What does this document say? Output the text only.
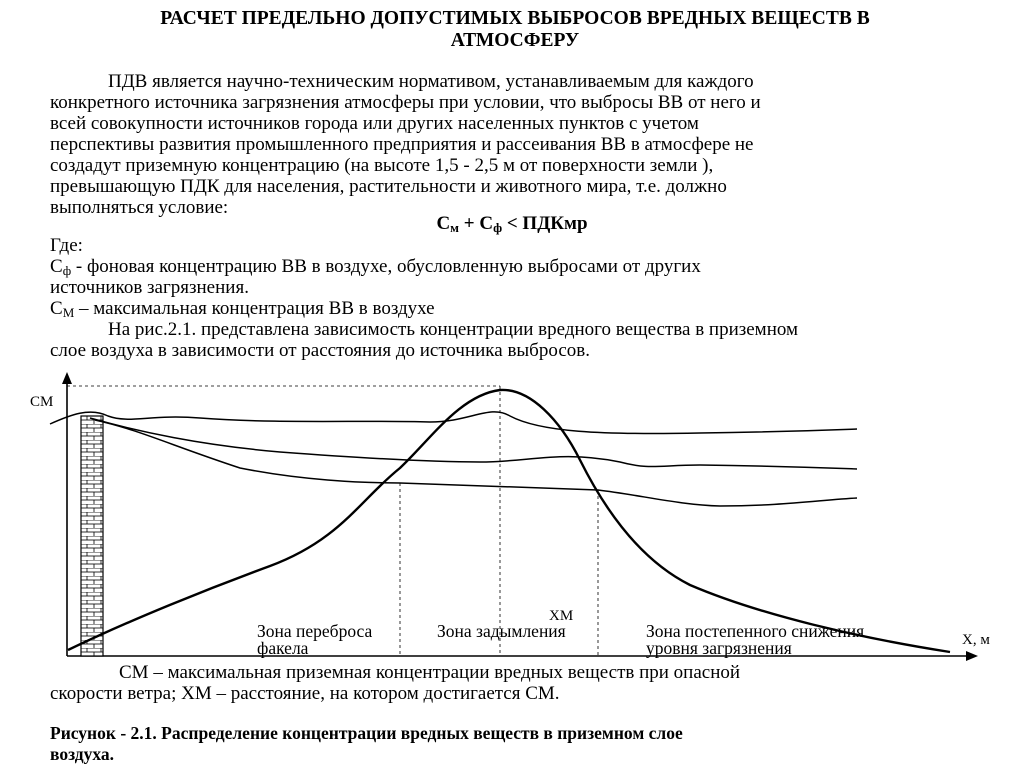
РАСЧЕТ ПРЕДЕЛЬНО ДОПУСТИМЫХ ВЫБРОСОВ ВРЕДНЫХ ВЕЩЕСТВ В
АТМОСФЕРУ
ПДВ является научно-техническим нормативом, устанавливаемым для каждого
конкретного источника загрязнения атмосферы при условии, что выбросы ВВ от него и
всей совокупности источников города или других населенных пунктов с учетом
перспективы развития промышленного предприятия и рассеивания ВВ в атмосфере не
создадут приземную концентрацию (на высоте 1,5 - 2,5 м от поверхности земли ),
превышающую ПДК для населения, растительности и животного мира, т.е. должно
выполняться условие:
См + Сф < ПДКмр
Где:
Сф - фоновая концентрацию ВВ в воздухе, обусловленную выбросами от других
источников загрязнения.
СМ – максимальная концентрация ВВ в воздухе
На рис.2.1. представлена зависимость концентрации вредного вещества в приземном
слое воздуха в зависимости от расстояния до источника выбросов.
СМ
Х, м
ХМ
Зона переброса
факела
Зона задымления	Зона постепенного снижения
уровня загрязнения
СМ – максимальная приземная концентрации вредных веществ при опасной
скорости ветра; ХМ – расстояние, на котором достигается СМ.
Рисунок - 2.1. Распределение концентрации вредных веществ в приземном слое
воздуха.
